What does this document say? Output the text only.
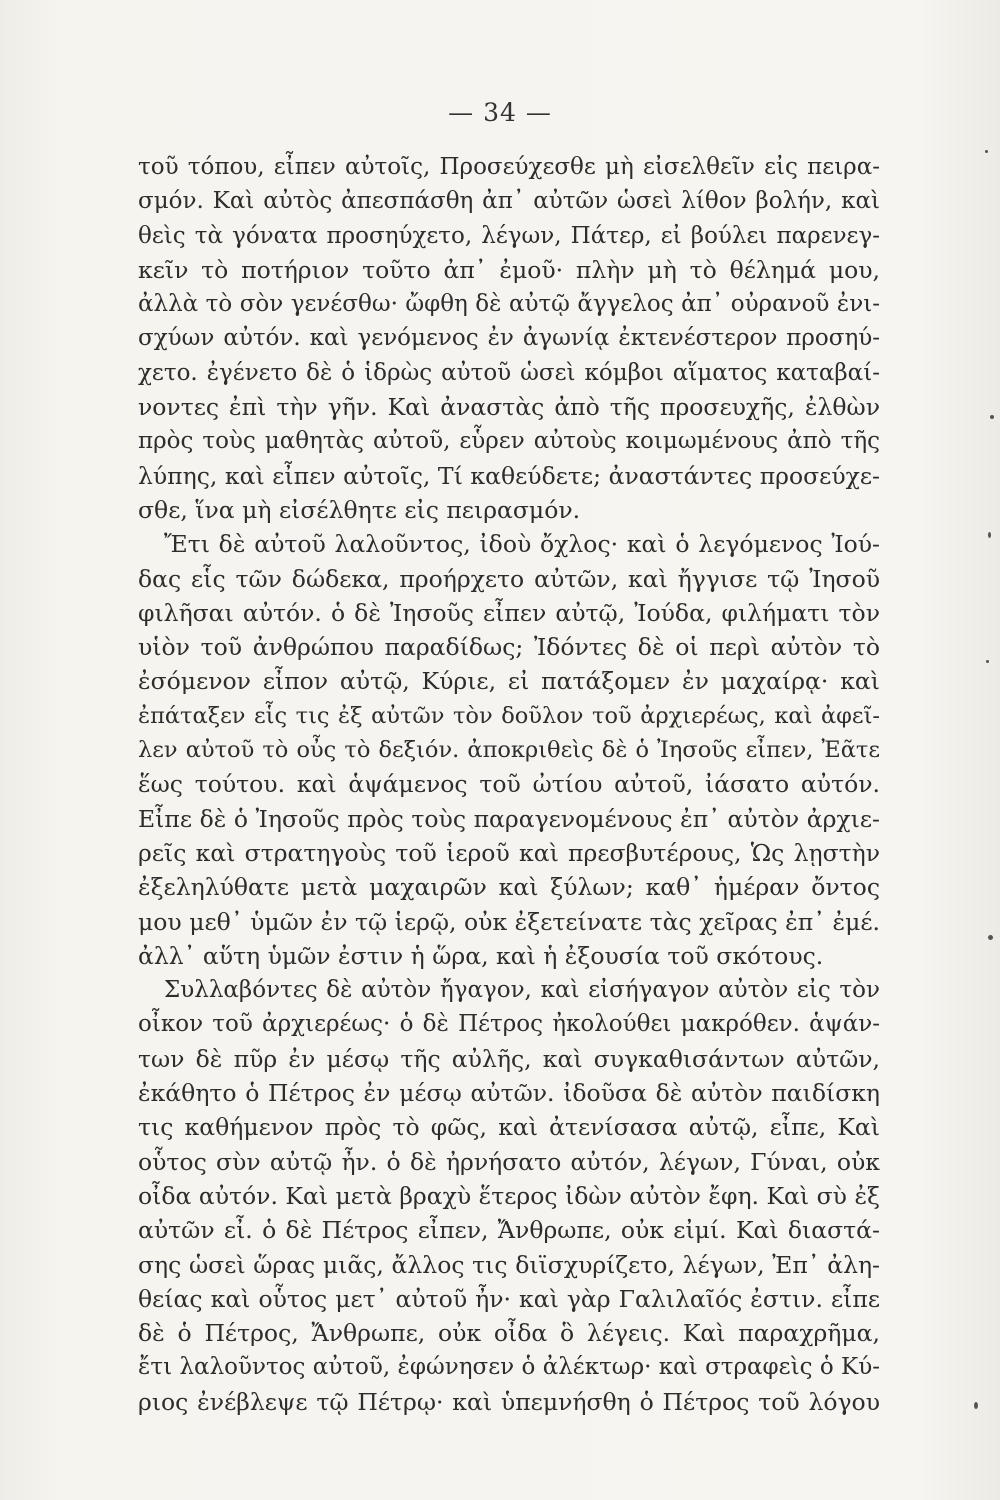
— 34 —
τοῦ τόπου, εἶπεν αὐτοῖς, Προσεύχεσθε μὴ εἰσελθεῖν εἰς πειρα-
σμόν. Καὶ αὐτὸς ἀπεσπάσθη ἀπ᾽ αὐτῶν ὡσεὶ λίθον βολήν, καὶ
θεὶς τὰ γόνατα προσηύχετο, λέγων, Πάτερ, εἰ βούλει παρενεγ-
κεῖν τὸ ποτήριον τοῦτο ἀπ᾽ ἐμοῦ· πλὴν μὴ τὸ θέλημά μου,
ἀλλὰ τὸ σὸν γενέσθω· ὤφθη δὲ αὐτῷ ἄγγελος ἀπ᾽ οὐρανοῦ ἐνι-
σχύων αὐτόν. καὶ γενόμενος ἐν ἀγωνίᾳ ἐκτενέστερον προσηύ-
χετο. ἐγένετο δὲ ὁ ἱδρὼς αὐτοῦ ὡσεὶ κόμβοι αἵματος καταβαί-
νοντες ἐπὶ τὴν γῆν. Καὶ ἀναστὰς ἀπὸ τῆς προσευχῆς, ἐλθὼν
πρὸς τοὺς μαθητὰς αὐτοῦ, εὗρεν αὐτοὺς κοιμωμένους ἀπὸ τῆς
λύπης, καὶ εἶπεν αὐτοῖς, Τί καθεύδετε; ἀναστάντες προσεύχε-
σθε, ἵνα μὴ εἰσέλθητε εἰς πειρασμόν.
Ἔτι δὲ αὐτοῦ λαλοῦντος, ἰδοὺ ὄχλος· καὶ ὁ λεγόμενος Ἰού-
δας εἷς τῶν δώδεκα, προήρχετο αὐτῶν, καὶ ἤγγισε τῷ Ἰησοῦ
φιλῆσαι αὐτόν. ὁ δὲ Ἰησοῦς εἶπεν αὐτῷ, Ἰούδα, φιλήματι τὸν
υἱὸν τοῦ ἀνθρώπου παραδίδως; Ἰδόντες δὲ οἱ περὶ αὐτὸν τὸ
ἐσόμενον εἶπον αὐτῷ, Κύριε, εἰ πατάξομεν ἐν μαχαίρᾳ· καὶ
ἐπάταξεν εἷς τις ἐξ αὐτῶν τὸν δοῦλον τοῦ ἀρχιερέως, καὶ ἀφεῖ-
λεν αὐτοῦ τὸ οὖς τὸ δεξιόν. ἀποκριθεὶς δὲ ὁ Ἰησοῦς εἶπεν, Ἐᾶτε
ἕως τούτου. καὶ ἁψάμενος τοῦ ὠτίου αὐτοῦ, ἰάσατο αὐτόν.
Εἶπε δὲ ὁ Ἰησοῦς πρὸς τοὺς παραγενομένους ἐπ᾽ αὐτὸν ἀρχιε-
ρεῖς καὶ στρατηγοὺς τοῦ ἱεροῦ καὶ πρεσβυτέρους, Ὡς λῃστὴν
ἐξεληλύθατε μετὰ μαχαιρῶν καὶ ξύλων; καθ᾽ ἡμέραν ὄντος
μου μεθ᾽ ὑμῶν ἐν τῷ ἱερῷ, οὐκ ἐξετείνατε τὰς χεῖρας ἐπ᾽ ἐμέ.
ἀλλ᾽ αὕτη ὑμῶν ἐστιν ἡ ὥρα, καὶ ἡ ἐξουσία τοῦ σκότους.
Συλλαβόντες δὲ αὐτὸν ἤγαγον, καὶ εἰσήγαγον αὐτὸν εἰς τὸν
οἶκον τοῦ ἀρχιερέως· ὁ δὲ Πέτρος ἠκολούθει μακρόθεν. ἁψάν-
των δὲ πῦρ ἐν μέσῳ τῆς αὐλῆς, καὶ συγκαθισάντων αὐτῶν,
ἐκάθητο ὁ Πέτρος ἐν μέσῳ αὐτῶν. ἰδοῦσα δὲ αὐτὸν παιδίσκη
τις καθήμενον πρὸς τὸ φῶς, καὶ ἀτενίσασα αὐτῷ, εἶπε, Καὶ
οὗτος σὺν αὐτῷ ἦν. ὁ δὲ ἠρνήσατο αὐτόν, λέγων, Γύναι, οὐκ
οἶδα αὐτόν. Καὶ μετὰ βραχὺ ἕτερος ἰδὼν αὐτὸν ἔφη. Καὶ σὺ ἐξ
αὐτῶν εἶ. ὁ δὲ Πέτρος εἶπεν, Ἄνθρωπε, οὐκ εἰμί. Καὶ διαστά-
σης ὡσεὶ ὥρας μιᾶς, ἄλλος τις διϊσχυρίζετο, λέγων, Ἐπ᾽ ἀλη-
θείας καὶ οὗτος μετ᾽ αὐτοῦ ἦν· καὶ γὰρ Γαλιλαῖός ἐστιν. εἶπε
δὲ ὁ Πέτρος, Ἄνθρωπε, οὐκ οἶδα ὃ λέγεις. Καὶ παραχρῆμα,
ἔτι λαλοῦντος αὐτοῦ, ἐφώνησεν ὁ ἀλέκτωρ· καὶ στραφεὶς ὁ Κύ-
ριος ἐνέβλεψε τῷ Πέτρῳ· καὶ ὑπεμνήσθη ὁ Πέτρος τοῦ λόγου
